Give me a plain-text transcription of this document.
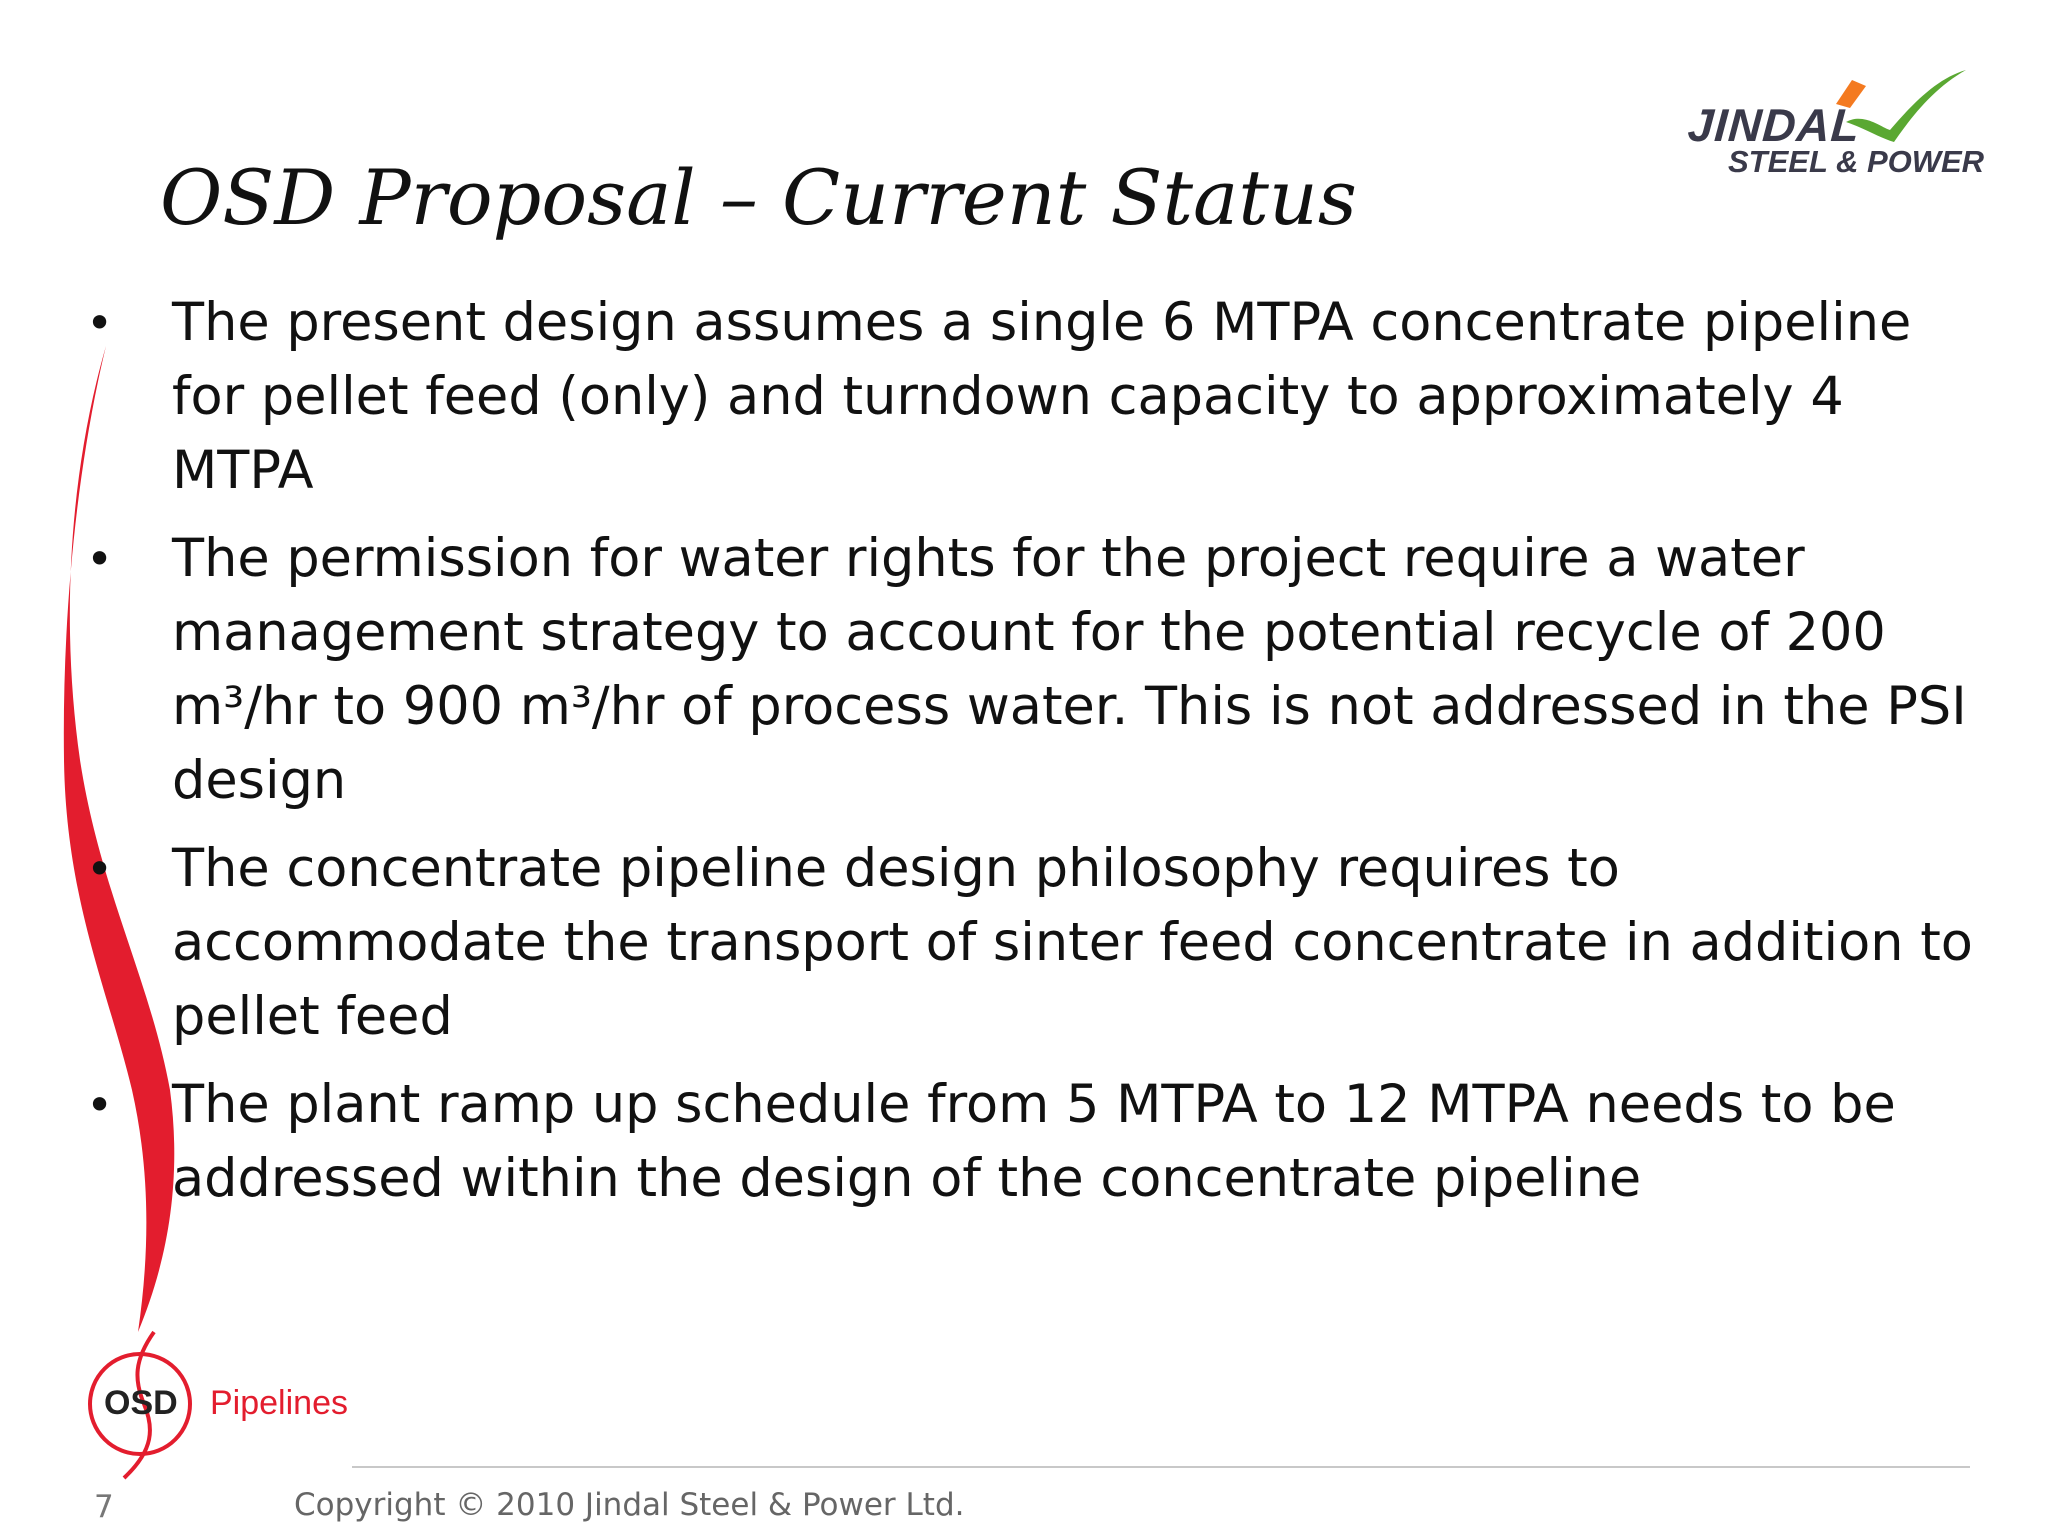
JINDAL
STEEL & POWER
OSD Proposal – Current Status
• The present design assumes a single 6 MTPA concentrate pipeline for pellet feed (only) and turndown capacity to approximately 4 MTPA
• The permission for water rights for the project require a water management strategy to account for the potential recycle of 200 m³/hr to 900 m³/hr of process water. This is not addressed in the PSI design
• The concentrate pipeline design philosophy requires to accommodate the transport of sinter feed concentrate in addition to pellet feed
• The plant ramp up schedule from 5 MTPA to 12 MTPA needs to be addressed within the design of the concentrate pipeline
OSD Pipelines
7	Copyright © 2010 Jindal Steel & Power Ltd.
